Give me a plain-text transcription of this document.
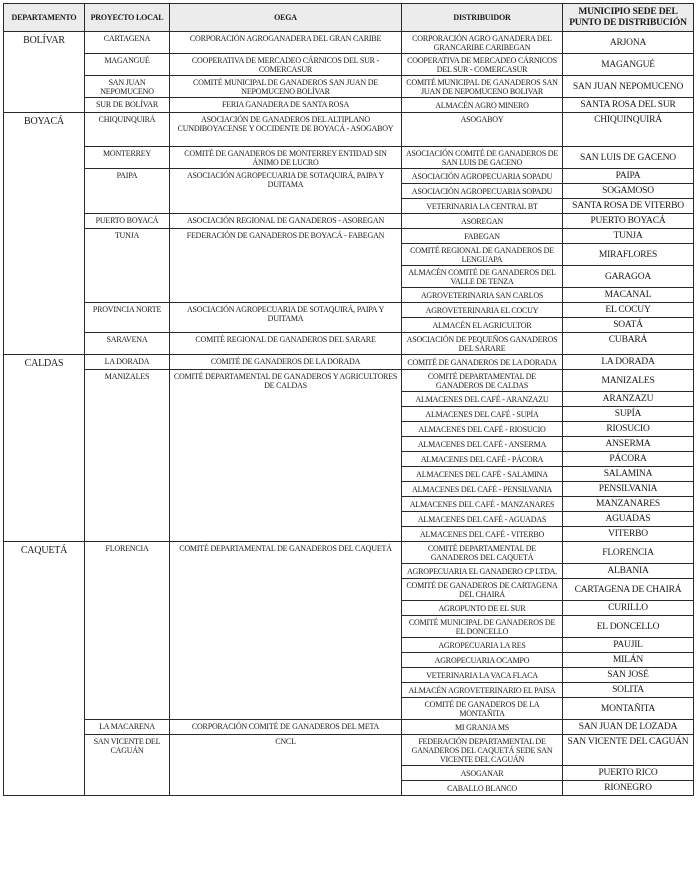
DEPARTAMENTO	PROYECTO LOCAL	OEGA	DISTRIBUIDOR	MUNICIPIO SEDE DEL PUNTO DE DISTRIBUCIÓN
BOLÍVAR	CARTAGENA	CORPORACIÓN AGROGANADERA DEL GRAN CARIBE	CORPORACIÓN AGRO GANADERA DEL GRANCARIBE CARIBEGAN	ARJONA
	MAGANGUÉ	COOPERATIVA DE MERCADEO CÁRNICOS DEL SUR - COMERCASUR	COOPERATIVA DE MERCADEO CÁRNICOS DEL SUR - COMERCASUR	MAGANGUÉ
	SAN JUAN NEPOMUCENO	COMITÉ MUNICIPAL DE GANADEROS SAN JUAN DE NEPOMUCENO BOLÍVAR	COMITÉ MUNICIPAL DE GANADEROS SAN JUAN DE NEPOMUCENO BOLIVAR	SAN JUAN NEPOMUCENO
	SUR DE BOLÍVAR	FERIA GANADERA DE SANTA ROSA	ALMACÉN AGRO MINERO	SANTA ROSA DEL SUR
BOYACÁ	CHIQUINQUIRÁ	ASOCIACIÓN DE GANADEROS DEL ALTIPLANO CUNDIBOYACENSE Y OCCIDENTE DE BOYACÁ - ASOGABOY	ASOGABOY	CHIQUINQUIRÁ
	MONTERREY	COMITÉ DE GANADEROS DE MONTERREY ENTIDAD SIN ÁNIMO DE LUCRO	ASOCIACIÓN COMITÉ DE GANADEROS DE SAN LUIS DE GACENO	SAN LUIS DE GACENO
	PAIPA	ASOCIACIÓN AGROPECUARIA DE SOTAQUIRÁ, PAIPA Y DUITAMA	ASOCIACIÓN AGROPECUARIA SOPADU	PAIPA
			ASOCIACIÓN AGROPECUARIA SOPADU	SOGAMOSO
			VETERINARIA LA CENTRAL BT	SANTA ROSA DE VITERBO
	PUERTO BOYACÁ	ASOCIACIÓN REGIONAL DE GANADEROS - ASOREGAN	ASOREGAN	PUERTO BOYACÁ
	TUNJA	FEDERACIÓN DE GANADEROS DE BOYACÁ - FABEGAN	FABEGAN	TUNJA
			COMITÉ REGIONAL DE GANADEROS DE LENGUAPA	MIRAFLORES
			ALMACÉN COMITÉ DE GANADEROS DEL VALLE DE TENZA	GARAGOA
			AGROVETERINARIA SAN CARLOS	MACANAL
	PROVINCIA NORTE	ASOCIACIÓN AGROPECUARIA DE SOTAQUIRÁ, PAIPA Y DUITAMA	AGROVETERINARIA EL COCUY	EL COCUY
			ALMACÉN EL AGRICULTOR	SOATÁ
	SARAVENA	COMITÉ REGIONAL DE GANADEROS DEL SARARE	ASOCIACIÓN DE PEQUEÑOS GANADEROS DEL SARARE	CUBARÁ
CALDAS	LA DORADA	COMITÉ DE GANADEROS DE LA DORADA	COMITÉ DE GANADEROS DE LA DORADA	LA DORADA
	MANIZALES	COMITÉ DEPARTAMENTAL DE GANADEROS Y AGRICULTORES DE CALDAS	COMITÉ DEPARTAMENTAL DE GANADEROS DE CALDAS	MANIZALES
			ALMACENES DEL CAFÉ - ARANZAZU	ARANZAZU
			ALMACENES DEL CAFÉ - SUPÍA	SUPÍA
			ALMACENES DEL CAFÉ - RIOSUCIO	RIOSUCIO
			ALMACENES DEL CAFÉ - ANSERMA	ANSERMA
			ALMACENES DEL CAFÉ - PÁCORA	PÁCORA
			ALMACENES DEL CAFÉ - SALAMINA	SALAMINA
			ALMACENES DEL CAFÉ - PENSILVANIA	PENSILVANIA
			ALMACENES DEL CAFÉ - MANZANARES	MANZANARES
			ALMACENES DEL CAFÉ - AGUADAS	AGUADAS
			ALMACENES DEL CAFÉ - VITERBO	VITERBO
CAQUETÁ	FLORENCIA	COMITÉ DEPARTAMENTAL DE GANADEROS DEL CAQUETÁ	COMITÉ DEPARTAMENTAL DE GANADEROS DEL CAQUETÁ	FLORENCIA
			AGROPECUARIA EL GANADERO CP LTDA.	ALBANIA
			COMITÉ DE GANADEROS DE CARTAGENA DEL CHAIRÁ	CARTAGENA DE CHAIRÁ
			AGROPUNTO DE EL SUR	CURILLO
			COMITÉ MUNICIPAL DE GANADEROS DE EL DONCELLO	EL DONCELLO
			AGROPECUARIA LA RES	PAUJIL
			AGROPECUARIA OCAMPO	MILÁN
			VETERINARIA LA VACA FLACA	SAN JOSÉ
			ALMACÉN AGROVETERINARIO EL PAISA	SOLITA
			COMITÉ DE GANADEROS DE LA MONTAÑITA	MONTAÑITA
	LA MACARENA	CORPORACIÓN COMITÉ DE GANADEROS DEL META	MI GRANJA MS	SAN JUAN DE LOZADA
	SAN VICENTE DEL CAGUÁN	CNCL	FEDERACIÓN DEPARTAMENTAL DE GANADEROS DEL CAQUETÁ SEDE SAN VICENTE DEL CAGUÁN	SAN VICENTE DEL CAGUÁN
			ASOGANAR	PUERTO RICO
			CABALLO BLANCO	RIONEGRO
